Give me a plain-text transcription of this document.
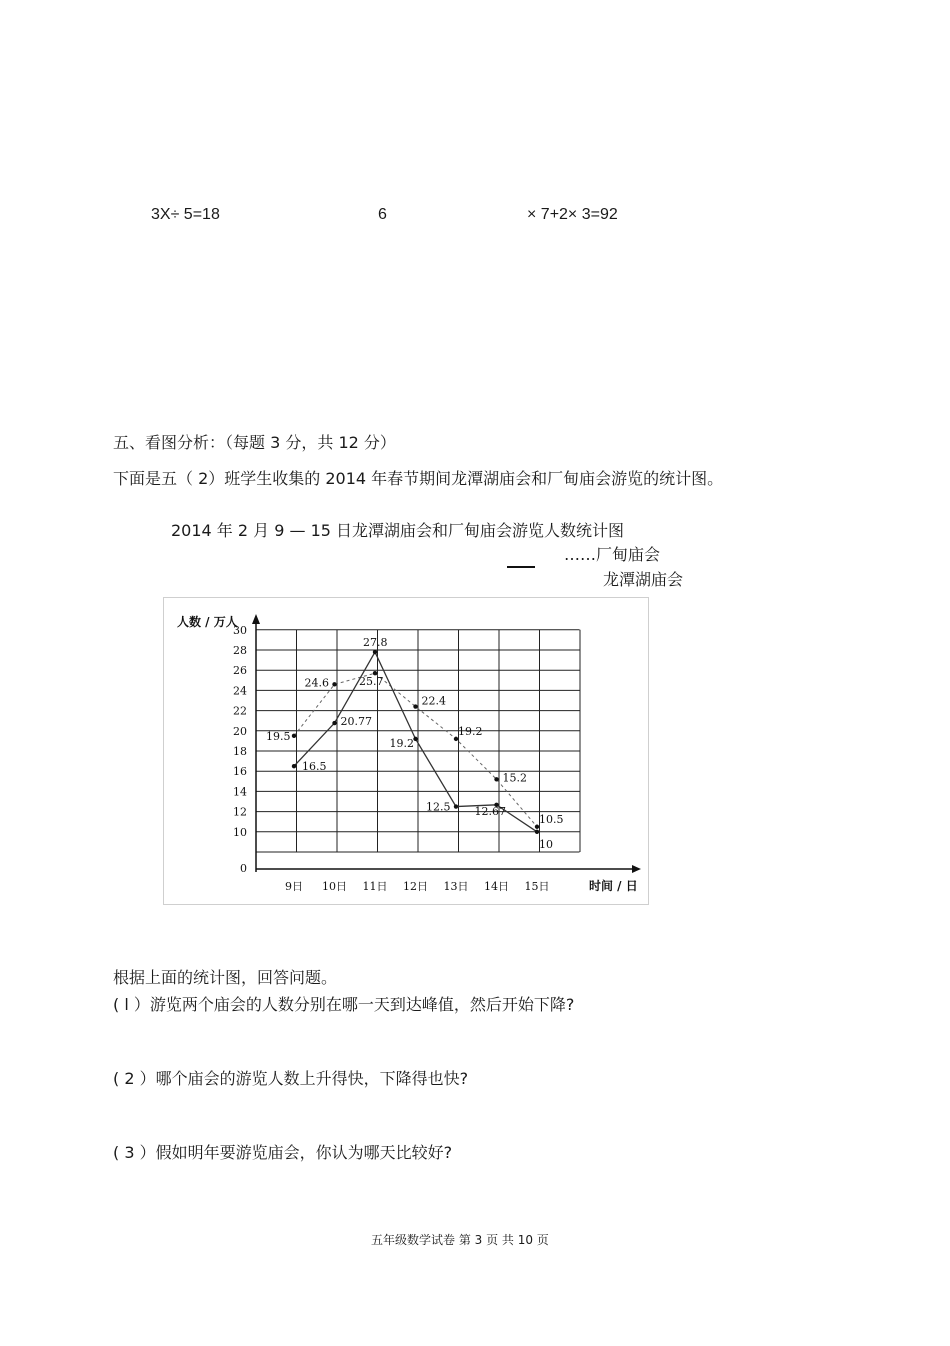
3X÷ 5=18	6	× 7+2× 3=92
五、看图分析：（每题 3 分，共 12 分）
下面是五（ 2）班学生收集的 2014 年春节期间龙潭湖庙会和厂甸庙会游览的统计图。
2014 年 2 月 9 — 15 日龙潭湖庙会和厂甸庙会游览人数统计图
……厂甸庙会
龙潭湖庙会
人数 / 万人
时间 / 日
0
10
12
14
16
18
20
22
24
26
28
30
9日 10日 11日 12日 13日 14日 15日
19.5
24.6	25.7
22.4
19.2
15.2
10.5
16.5
20.77
27.8
19.2
12.5 12.67
10
根据上面的统计图，回答问题。
( l ）游览两个庙会的人数分别在哪一天到达峰值，然后开始下降?
( 2 ）哪个庙会的游览人数上升得快，下降得也快?
( 3 ）假如明年要游览庙会，你认为哪天比较好?
五年级数学试卷 第 3 页 共 10 页
